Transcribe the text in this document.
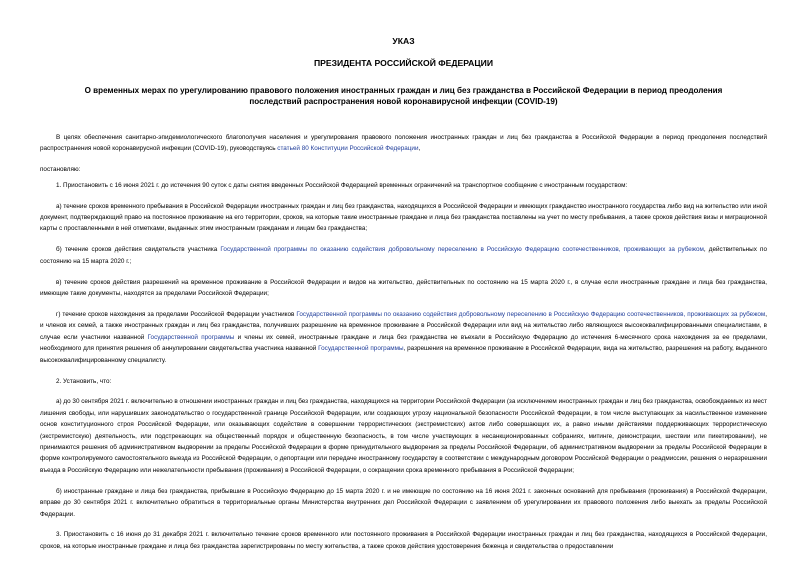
УКАЗ
ПРЕЗИДЕНТА РОССИЙСКОЙ ФЕДЕРАЦИИ
О временных мерах по урегулированию правового положения иностранных граждан и лиц без гражданства в Российской Федерации в период преодоления последствий распространения новой коронавирусной инфекции (COVID-19)

В целях обеспечения санитарно-эпидемиологического благополучия населения и урегулирования правового положения иностранных граждан и лиц без гражданства в Российской Федерации в период преодоления последствий распространения новой коронавирусной инфекции (COVID-19), руководствуясь статьей 80 Конституции Российской Федерации,

постановляю:

1. Приостановить с 16 июня 2021 г. до истечения 90 суток с даты снятия введенных Российской Федерацией временных ограничений на транспортное сообщение с иностранным государством:

а) течение сроков временного пребывания в Российской Федерации иностранных граждан и лиц без гражданства, находящихся в Российской Федерации и имеющих гражданство иностранного государства либо вид на жительство или иной документ, подтверждающий право на постоянное проживание на его территории, сроков, на которые такие иностранные граждане и лица без гражданства поставлены на учет по месту пребывания, а также сроков действия визы и миграционной карты с проставленными в ней отметками, выданных этим иностранным гражданам и лицам без гражданства;

б) течение сроков действия свидетельств участника Государственной программы по оказанию содействия добровольному переселению в Российскую Федерацию соотечественников, проживающих за рубежом, действительных по состоянию на 15 марта 2020 г.;

в) течение сроков действия разрешений на временное проживание в Российской Федерации и видов на жительство, действительных по состоянию на 15 марта 2020 г., в случае если иностранные граждане и лица без гражданства, имеющие такие документы, находятся за пределами Российской Федерации;

г) течение сроков нахождения за пределами Российской Федерации участников Государственной программы по оказанию содействия добровольному переселению в Российскую Федерацию соотечественников, проживающих за рубежом, и членов их семей, а также иностранных граждан и лиц без гражданства, получивших разрешение на временное проживание в Российской Федерации или вид на жительство либо являющихся высококвалифицированными специалистами, в случае если участники названной Государственной программы и члены их семей, иностранные граждане и лица без гражданства не въехали в Российскую Федерацию до истечения 6-месячного срока нахождения за ее пределами, необходимого для принятия решения об аннулировании свидетельства участника названной Государственной программы, разрешения на временное проживание в Российской Федерации, вида на жительство, разрешения на работу, выданного высококвалифицированному специалисту.

2. Установить, что:

а) до 30 сентября 2021 г. включительно в отношении иностранных граждан и лиц без гражданства, находящихся на территории Российской Федерации (за исключением иностранных граждан и лиц без гражданства, освобождаемых из мест лишения свободы, или нарушивших законодательство о государственной границе Российской Федерации, или создающих угрозу национальной безопасности Российской Федерации, в том числе выступающих за насильственное изменение основ конституционного строя Российской Федерации, или оказывающих содействие в совершении террористических (экстремистских) актов либо совершающих их, а равно иными действиями поддерживающих террористическую (экстремистскую) деятельность, или подстрекающих на общественный порядок и общественную безопасность, в том числе участвующих в несанкционированных собраниях, митинге, демонстрации, шествии или пикетировании), не принимаются решения об административном выдворении за пределы Российской Федерации в форме принудительного выдворения за пределы Российской Федерации, об административном выдворении за пределы Российской Федерации в форме контролируемого самостоятельного выезда из Российской Федерации, о депортации или передаче иностранному государству в соответствии с международным договором Российской Федерации о реадмиссии, решения о неразрешении въезда в Российскую Федерацию или нежелательности пребывания (проживания) в Российской Федерации, о сокращении срока временного пребывания в Российской Федерации;

б) иностранные граждане и лица без гражданства, прибывшие в Российскую Федерацию до 15 марта 2020 г. и не имеющие по состоянию на 16 июня 2021 г. законных оснований для пребывания (проживания) в Российской Федерации, вправе до 30 сентября 2021 г. включительно обратиться в территориальные органы Министерства внутренних дел Российской Федерации с заявлением об урегулировании их правового положения либо выехать за пределы Российской Федерации.

3. Приостановить с 16 июня до 31 декабря 2021 г. включительно течение сроков временного или постоянного проживания в Российской Федерации иностранных граждан и лиц без гражданства, находящихся в Российской Федерации, сроков, на которые иностранные граждане и лица без гражданства зарегистрированы по месту жительства, а также сроков действия удостоверения беженца и свидетельства о предоставлении
